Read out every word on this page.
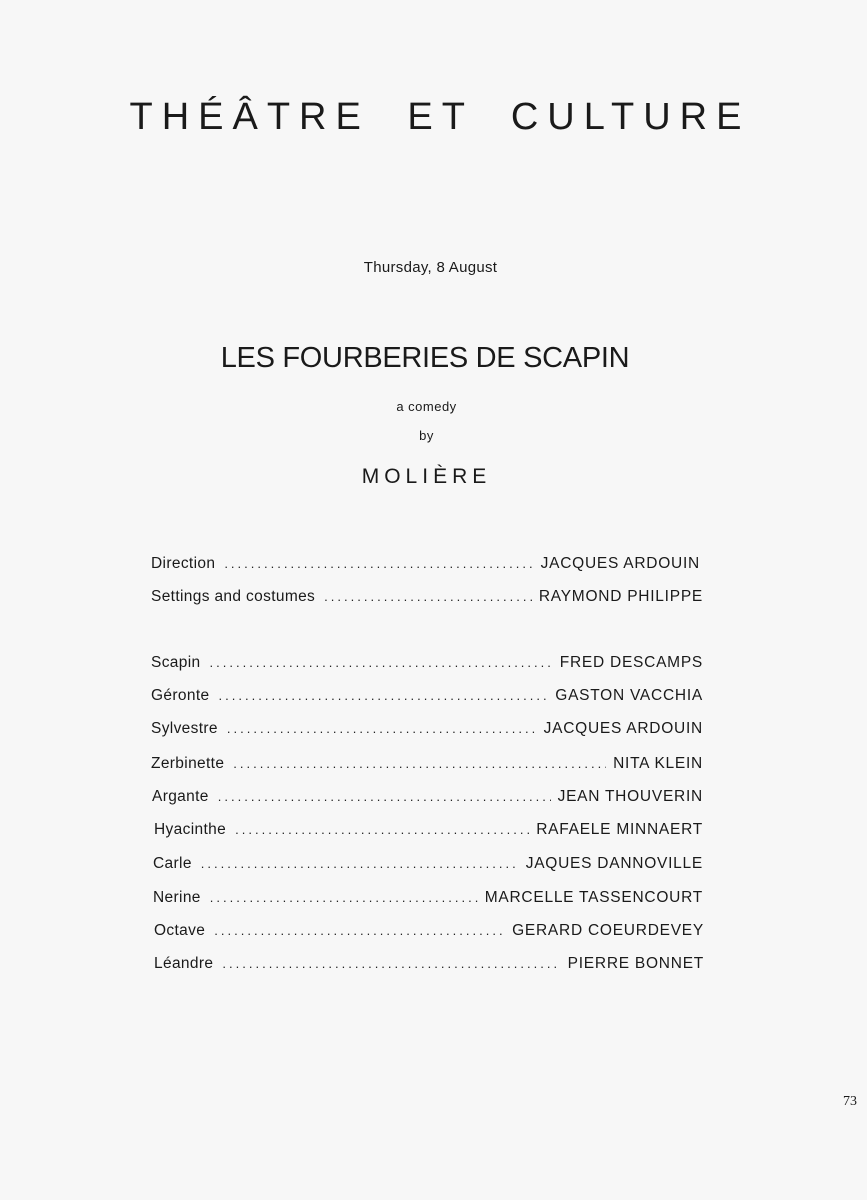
THÉÂTRE ET CULTURE
Thursday, 8 August
LES FOURBERIES DE SCAPIN
a comedy
by
MOLIÈRE
Direction . . .	JACQUES ARDOUIN
Settings and costumes . . .	RAYMOND PHILIPPE
Scapin . . .	FRED DESCAMPS
Géronte . . .	GASTON VACCHIA
Sylvestre . . .	JACQUES ARDOUIN
Zerbinette . . .	NITA KLEIN
Argante . . .	JEAN THOUVERIN
Hyacinthe . . .	RAFAELE MINNAERT
Carle . . .	JAQUES DANNOVILLE
Nerine . . .	MARCELLE TASSENCOURT
Octave . . .	GERARD COEURDEVEY
Léandre . . .	PIERRE BONNET
73
